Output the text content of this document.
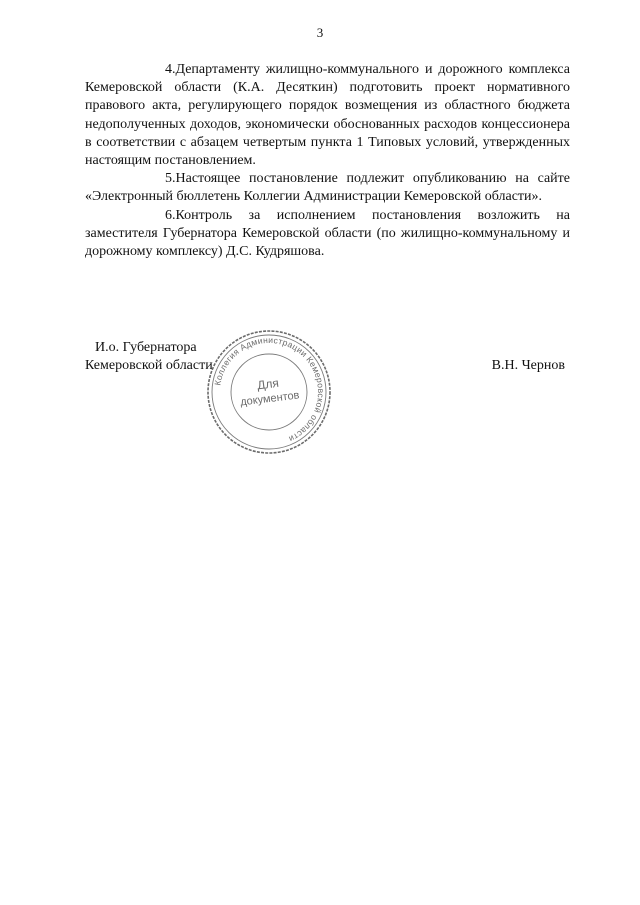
3

4.Департаменту жилищно-коммунального и дорожного комплекса Кемеровской области (К.А. Десяткин) подготовить проект нормативного правового акта, регулирующего порядок возмещения из областного бюджета недополученных доходов, экономически обоснованных расходов концессионера в соответствии с абзацем четвертым пункта 1 Типовых условий, утвержденных настоящим постановлением.

5.Настоящее постановление подлежит опубликованию на сайте «Электронный бюллетень Коллегии Администрации Кемеровской области».

6.Контроль за исполнением постановления возложить на заместителя Губернатора Кемеровской области (по жилищно-коммунальному и дорожному комплексу) Д.С. Кудряшова.

И.о. Губернатора
Кемеровской области	В.Н. Чернов
Коллегия Администрации Кемеровской области
Для
документов
